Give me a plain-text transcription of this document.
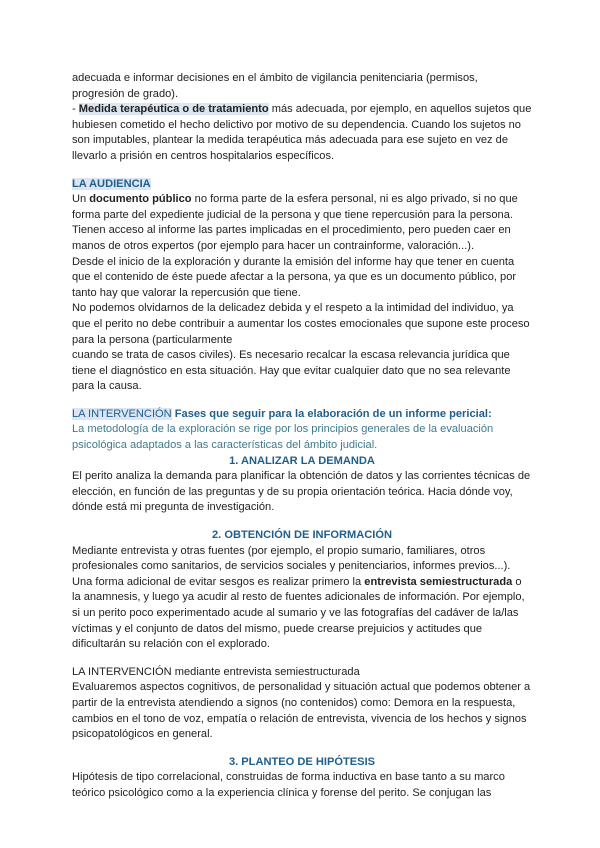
adecuada e informar decisiones en el ámbito de vigilancia penitenciaria (permisos,

progresión de grado).

- Medida terapéutica o de tratamiento más adecuada, por ejemplo, en aquellos sujetos que hubiesen cometido el hecho delictivo por motivo de su dependencia. Cuando los sujetos no son imputables, plantear la medida terapéutica más adecuada para ese sujeto en vez de llevarlo a prisión en centros hospitalarios específicos.

LA AUDIENCIA

Un documento público no forma parte de la esfera personal, ni es algo privado, si no que forma parte del expediente judicial de la persona y que tiene repercusión para la persona. Tienen acceso al informe las partes implicadas en el procedimiento, pero pueden caer en manos de otros expertos (por ejemplo para hacer un contrainforme, valoración...).

Desde el inicio de la exploración y durante la emisión del informe hay que tener en cuenta que el contenido de éste puede afectar a la persona, ya que es un documento público, por tanto hay que valorar la repercusión que tiene.

No podemos olvidarnos de la delicadez debida y el respeto a la intimidad del individuo, ya que el perito no debe contribuir a aumentar los costes emocionales que supone este proceso para la persona (particularmente

cuando se trata de casos civiles). Es necesario recalcar la escasa relevancia jurídica que tiene el diagnóstico en esta situación. Hay que evitar cualquier dato que no sea relevante para la causa.

LA INTERVENCIÓN Fases que seguir para la elaboración de un informe pericial:

La metodología de la exploración se rige por los principios generales de la evaluación psicológica adaptados a las características del ámbito judicial.

1. ANALIZAR LA DEMANDA

El perito analiza la demanda para planificar la obtención de datos y las corrientes técnicas de elección, en función de las preguntas y de su propia orientación teórica. Hacia dónde voy, dónde está mi pregunta de investigación.

2. OBTENCIÓN DE INFORMACIÓN

Mediante entrevista y otras fuentes (por ejemplo, el propio sumario, familiares, otros profesionales como sanitarios, de servicios sociales y penitenciarios, informes previos...).

Una forma adicional de evitar sesgos es realizar primero la entrevista semiestructurada o la anamnesis, y luego ya acudir al resto de fuentes adicionales de información. Por ejemplo, si un perito poco experimentado acude al sumario y ve las fotografías del cadáver de la/las víctimas y el conjunto de datos del mismo, puede crearse prejuicios y actitudes que dificultarán su relación con el explorado.

LA INTERVENCIÓN mediante entrevista semiestructurada

Evaluaremos aspectos cognitivos, de personalidad y situación actual que podemos obtener a partir de la entrevista atendiendo a signos (no contenidos) como: Demora en la respuesta, cambios en el tono de voz, empatía o relación de entrevista, vivencia de los hechos y signos psicopatológicos en general.

3. PLANTEO DE HIPÓTESIS

Hipótesis de tipo correlacional, construidas de forma inductiva en base tanto a su marco teórico psicológico como a la experiencia clínica y forense del perito. Se conjugan las
